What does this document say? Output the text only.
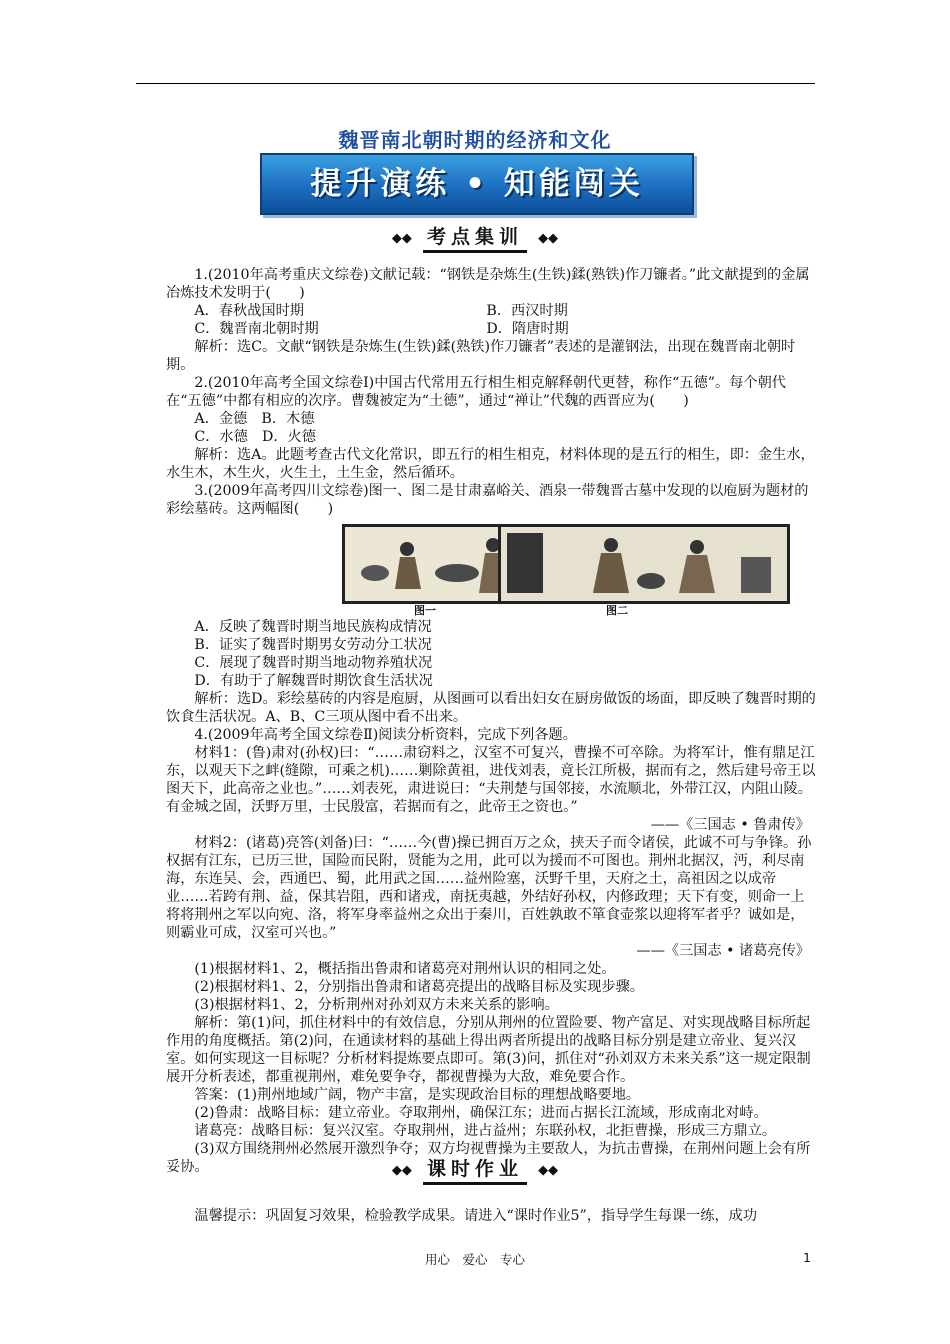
魏晋南北朝时期的经济和文化
提升演练 • 知能闯关
◆◆ 考点集训 ◆◆

1.(2010年高考重庆文综卷)文献记载：“钢铁是杂炼生(生铁)鍒(熟铁)作刀镰者。”此文献提到的金属冶炼技术发明于(　　)

A．春秋战国时期	B．西汉时期
C．魏晋南北朝时期	D．隋唐时期

解析：选C。文献“钢铁是杂炼生(生铁)鍒(熟铁)作刀镰者”表述的是灌钢法，出现在魏晋南北朝时期。

2.(2010年高考全国文综卷Ⅰ)中国古代常用五行相生相克解释朝代更替，称作“五德”。每个朝代在“五德”中都有相应的次序。曹魏被定为“土德”，通过“禅让”代魏的西晋应为(　　)

A．金德　B．木德
C．水德　D．火德

解析：选A。此题考查古代文化常识，即五行的相生相克，材料体现的是五行的相生，即：金生水，水生木，木生火，火生土，土生金，然后循环。

3.(2009年高考四川文综卷)图一、图二是甘肃嘉峪关、酒泉一带魏晋古墓中发现的以庖厨为题材的彩绘墓砖。这两幅图(　　)

图一	图二
A．反映了魏晋时期当地民族构成情况
B．证实了魏晋时期男女劳动分工状况
C．展现了魏晋时期当地动物养殖状况
D．有助于了解魏晋时期饮食生活状况

解析：选D。彩绘墓砖的内容是庖厨，从图画可以看出妇女在厨房做饭的场面，即反映了魏晋时期的饮食生活状况。A、B、C三项从图中看不出来。

4.(2009年高考全国文综卷Ⅱ)阅读分析资料，完成下列各题。

材料1：(鲁)肃对(孙权)曰：“……肃窃料之，汉室不可复兴，曹操不可卒除。为将军计，惟有鼎足江东，以观天下之衅(缝隙，可乘之机)……剿除黄祖，进伐刘表，竟长江所极，据而有之，然后建号帝王以图天下，此高帝之业也。”……刘表死，肃进说曰：“夫荆楚与国邻接，水流顺北，外带江汉，内阻山陵。有金城之固，沃野万里，士民殷富，若据而有之，此帝王之资也。”

——《三国志 • 鲁肃传》

材料2：(诸葛)亮答(刘备)曰：“……今(曹)操已拥百万之众，挟天子而令诸侯，此诚不可与争锋。孙权据有江东，已历三世，国险而民附，贤能为之用，此可以为援而不可图也。荆州北据汉，沔，利尽南海，东连吴、会，西通巴、蜀，此用武之国……益州险塞，沃野千里，天府之土，高祖因之以成帝业……若跨有荆、益，保其岩阻，西和诸戎，南抚夷越，外结好孙权，内修政理；天下有变，则命一上将将荆州之军以向宛、洛，将军身率益州之众出于秦川，百姓孰敢不箪食壶浆以迎将军者乎？诚如是，则霸业可成，汉室可兴也。”

——《三国志 • 诸葛亮传》

(1)根据材料1、2，概括指出鲁肃和诸葛亮对荆州认识的相同之处。

(2)根据材料1、2，分别指出鲁肃和诸葛亮提出的战略目标及实现步骤。

(3)根据材料1、2，分析荆州对孙刘双方未来关系的影响。

解析：第(1)问，抓住材料中的有效信息，分别从荆州的位置险要、物产富足、对实现战略目标所起作用的角度概括。第(2)问，在通读材料的基础上得出两者所提出的战略目标分别是建立帝业、复兴汉室。如何实现这一目标呢？分析材料提炼要点即可。第(3)问，抓住对“孙刘双方未来关系”这一规定限制展开分析表述，都重视荆州，难免要争夺，都视曹操为大敌，难免要合作。

答案：(1)荆州地域广阔，物产丰富，是实现政治目标的理想战略要地。

(2)鲁肃：战略目标：建立帝业。夺取荆州，确保江东；进而占据长江流域，形成南北对峙。

诸葛亮：战略目标：复兴汉室。夺取荆州，进占益州；东联孙权，北拒曹操，形成三方鼎立。

(3)双方围绕荆州必然展开激烈争夺；双方均视曹操为主要敌人，为抗击曹操，在荆州问题上会有所妥协。	◆◆ 课时作业 ◆◆

温馨提示：巩固复习效果，检验教学成果。请进入“课时作业5”，指导学生每课一练，成功

用心　爱心　专心	1
